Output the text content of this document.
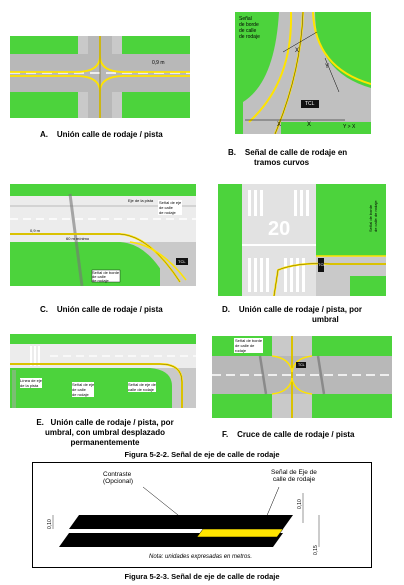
0,9 m
A. Unión calle de rodaje / pista
Señal
de borde
de calle
de rodaje
TCL
X
Y
X	X	Y > X
B. Señal de calle de rodaje en
tramos curvos
Eje de la pista Señal de eje
de calle
de rodaje
0,9 m
60 m mínimo
Señal de borde
de calle
de rodaje
TCL
C. Unión calle de rodaje / pista
20	Señal de borde de calle de rodaje
TCL
D. Unión calle de rodaje / pista, por
umbral
Línea de eje
de la pista	Señal de eje
de calle
de rodaje
Señal de eje de
calle de rodaje
E. Unión calle de rodaje / pista, por
umbral, con umbral desplazado
permanentemente
Señal de borde
de calle de
rodaje
TCL
F. Cruce de calle de rodaje / pista
Figura 5-2-2. Señal de eje de calle de rodaje
Contraste
(Opcional)
Señal de Eje de
calle de rodaje
0,10
0,10
0,15
Nota: unidades expresadas en metros.
Figura 5-2-3. Señal de eje de calle de rodaje
